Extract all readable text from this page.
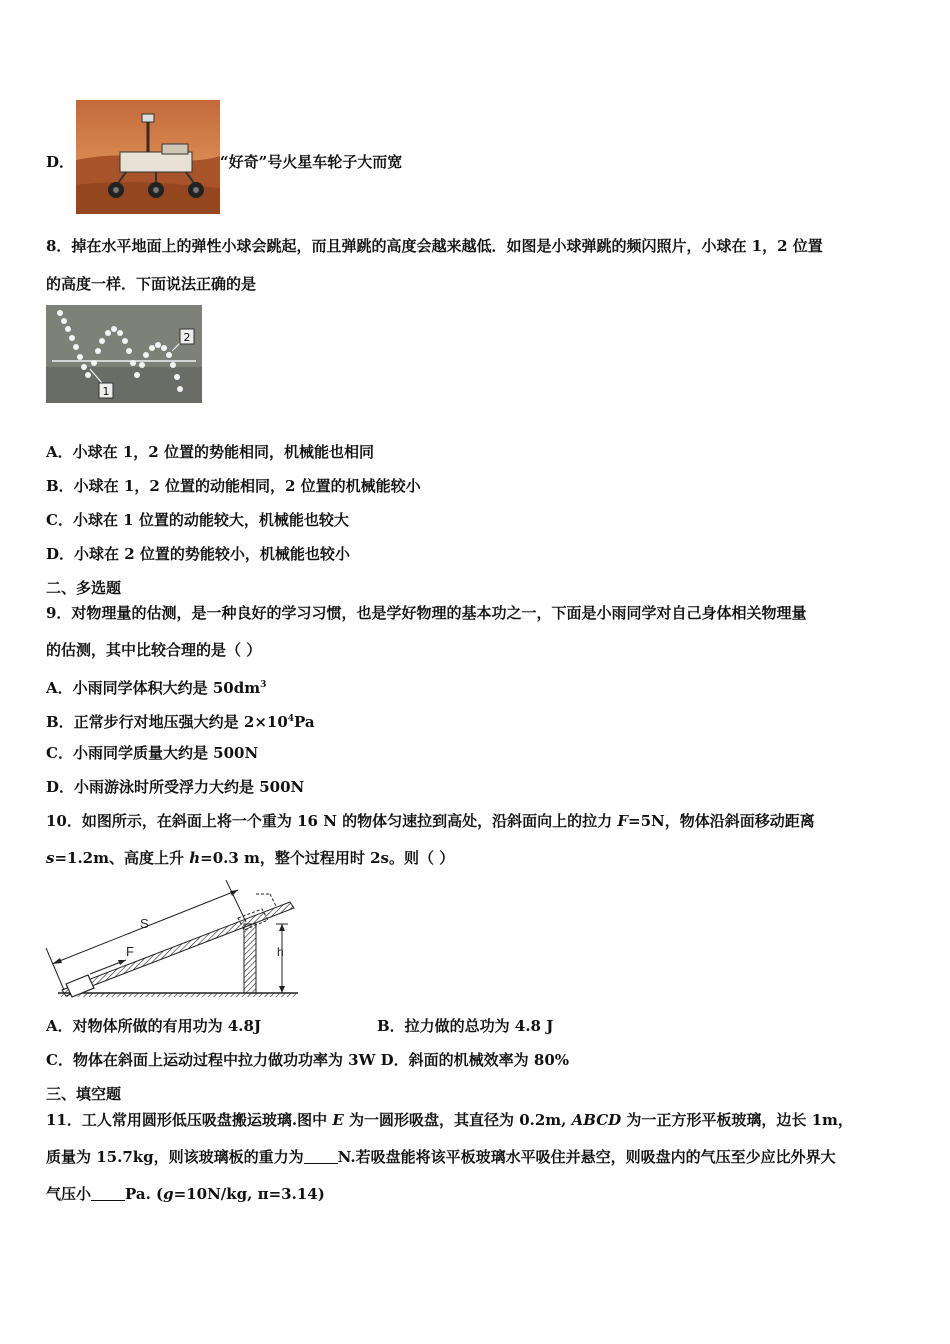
D．	“好奇”号火星车轮子大而宽
8．掉在水平地面上的弹性小球会跳起，而且弹跳的高度会越来越低．如图是小球弹跳的频闪照片，小球在 1，2 位置
的高度一样．下面说法正确的是
1
2
A．小球在 1，2 位置的势能相同，机械能也相同
B．小球在 1，2 位置的动能相同，2 位置的机械能较小
C．小球在 1 位置的动能较大，机械能也较大
D．小球在 2 位置的势能较小，机械能也较小
二、多选题
9．对物理量的估测，是一种良好的学习习惯，也是学好物理的基本功之一，下面是小雨同学对自己身体相关物理量
的估测，其中比较合理的是（ ）
A．小雨同学体积大约是 $50dm^3$
B．正常步行对地压强大约是 $2\times 10^4Pa$
C．小雨同学质量大约是 500N
D．小雨游泳时所受浮力大约是 500N
10．如图所示，在斜面上将一个重为 16 N 的物体匀速拉到高处，沿斜面向上的拉力 F=5N，物体沿斜面移动距离
s=1.2m、高度上升 h=0.3 m，整个过程用时 2s。则（ ）
S
F	h
A．对物体所做的有用功为 4.8J	B．拉力做的总功为 4.8 J
C．物体在斜面上运动过程中拉力做功功率为 3W D．斜面的机械效率为 80%
三、填空题
11．工人常用圆形低压吸盘搬运玻璃.图中 E 为一圆形吸盘，其直径为 0.2m, ABCD 为一正方形平板玻璃，边长 1m，
质量为 15.7kg，则该玻璃板的重力为 N.若吸盘能将该平板玻璃水平吸住并悬空，则吸盘内的气压至少应比外界大
气压小 Pa. (g=10N/kg, π=3.14)
